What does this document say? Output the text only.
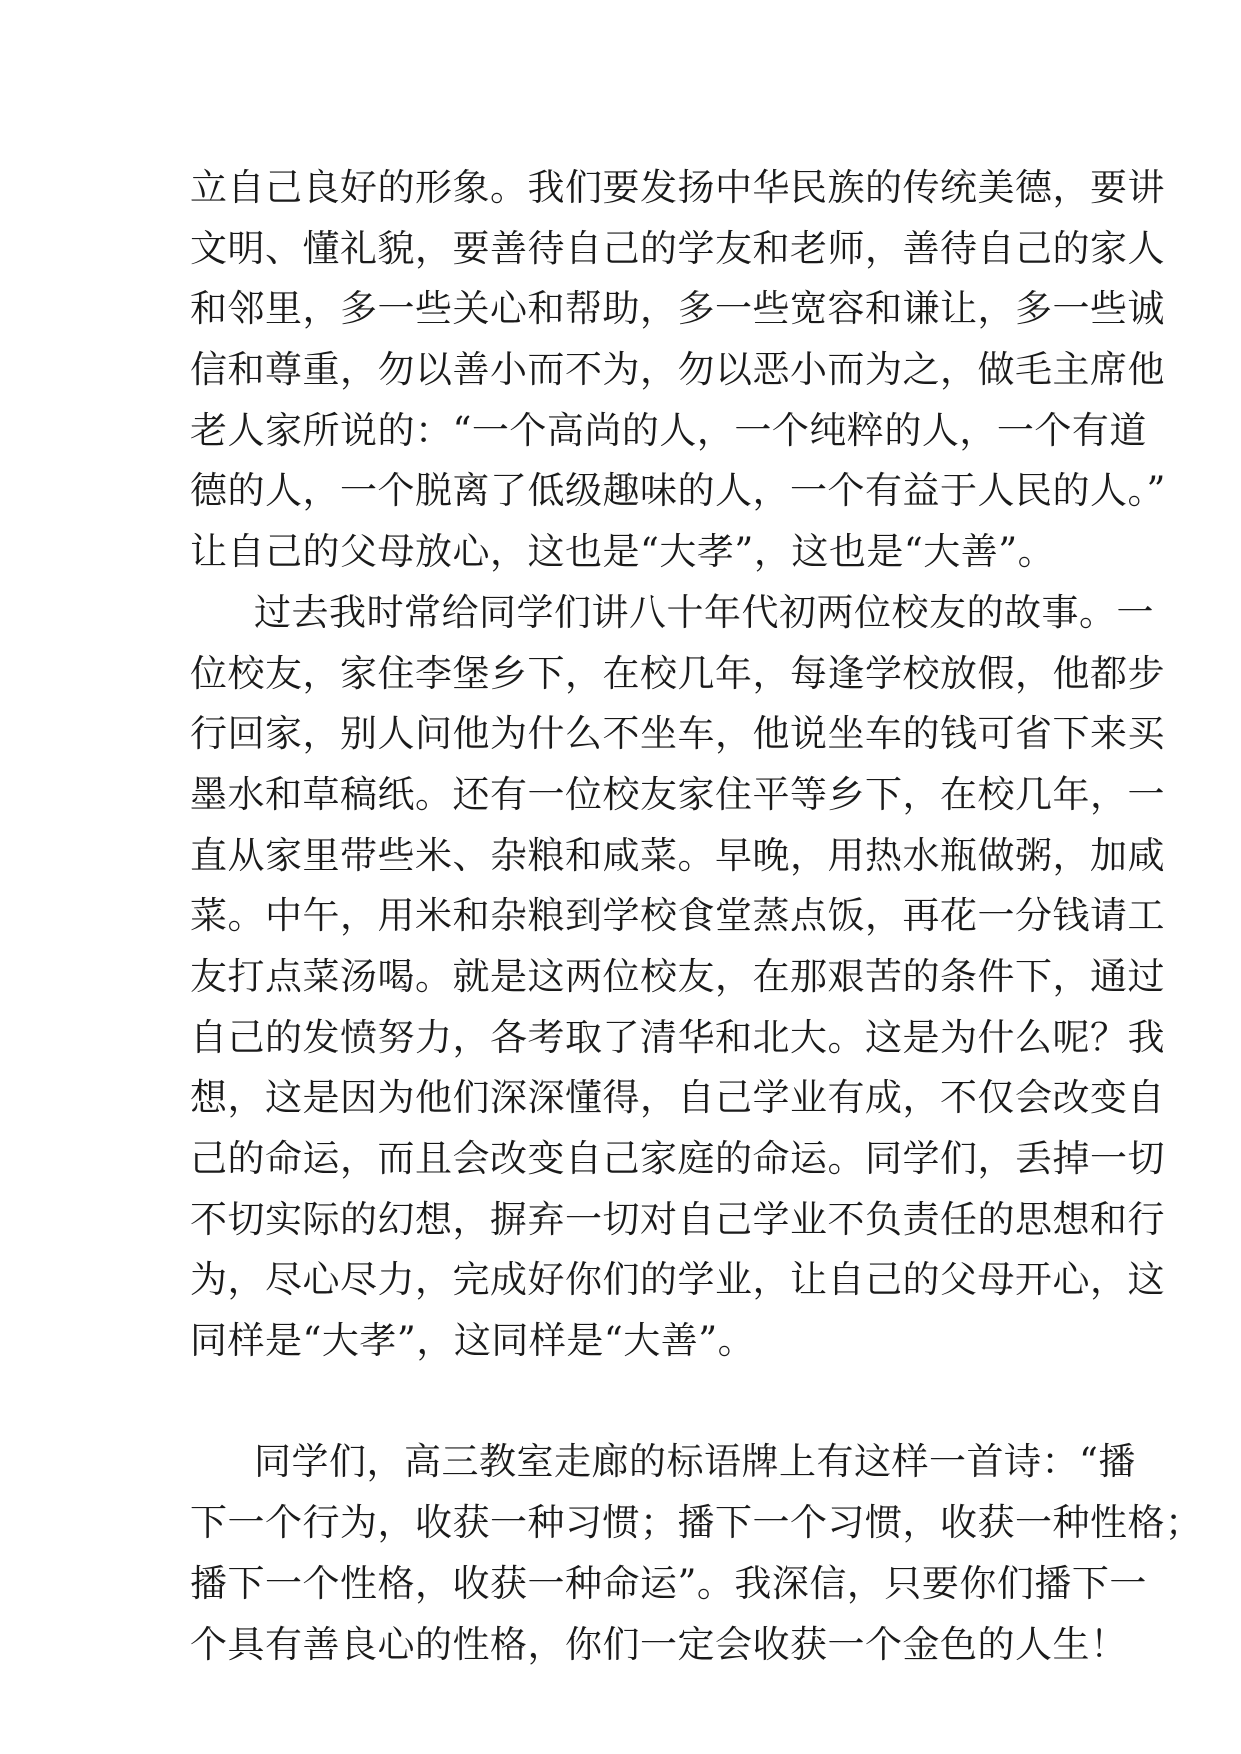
立自己良好的形象。我们要发扬中华民族的传统美德，要讲
文明、懂礼貌，要善待自己的学友和老师，善待自己的家人
和邻里，多一些关心和帮助，多一些宽容和谦让，多一些诚
信和尊重，勿以善小而不为，勿以恶小而为之，做毛主席他
老人家所说的：“一个高尚的人，一个纯粹的人，一个有道
德的人，一个脱离了低级趣味的人，一个有益于人民的人。”
让自己的父母放心，这也是“大孝”，这也是“大善”。
过去我时常给同学们讲八十年代初两位校友的故事。一
位校友，家住李堡乡下，在校几年，每逢学校放假，他都步
行回家，别人问他为什么不坐车，他说坐车的钱可省下来买
墨水和草稿纸。还有一位校友家住平等乡下，在校几年，一
直从家里带些米、杂粮和咸菜。早晚，用热水瓶做粥，加咸
菜。中午，用米和杂粮到学校食堂蒸点饭，再花一分钱请工
友打点菜汤喝。就是这两位校友，在那艰苦的条件下，通过
自己的发愤努力，各考取了清华和北大。这是为什么呢？我
想，这是因为他们深深懂得，自己学业有成，不仅会改变自
己的命运，而且会改变自己家庭的命运。同学们，丢掉一切
不切实际的幻想，摒弃一切对自己学业不负责任的思想和行
为，尽心尽力，完成好你们的学业，让自己的父母开心，这
同样是“大孝”，这同样是“大善”。
同学们，高三教室走廊的标语牌上有这样一首诗：“播
下一个行为，收获一种习惯；播下一个习惯，收获一种性格；
播下一个性格，收获一种命运”。我深信，只要你们播下一
个具有善良心的性格，你们一定会收获一个金色的人生！
